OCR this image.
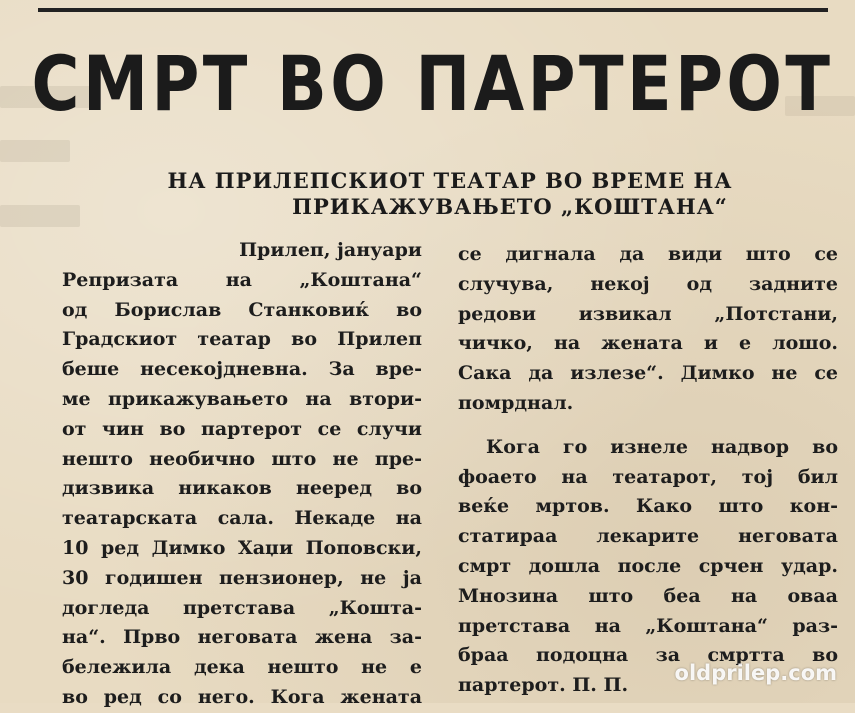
СМРТ ВО ПАРТЕРОТ
НА ПРИЛЕПСКИОТ ТЕАТАР ВО ВРЕМЕ НА
ПРИКАЖУВАЊЕТО „КОШТАНА“
Прилеп, јануари
Репризата на „Коштана“
од Борислав Станковиќ во
Градскиот театар во Прилеп
беше несекојдневна. За вре-
ме прикажувањето на втори-
от чин во партерот се случи
нешто необично што не пре-
дизвика никаков нееред во
театарската сала. Некаде на
10 ред Димко Хаџи Поповски,
30 годишен пензионер, не ја
догледа претстава „Кошта-
на“. Прво неговата жена за-
бележила дека нешто не е
во ред со него. Кога жената
се дигнала да види што се
случува, некој од задните
редови извикал „Потстани,
чичко, на жената и е лошо.
Сака да излезе“. Димко не се
помрднал.
Кога го изнеле надвор во
фоаето на театарот, тој бил
веќе мртов. Како што кон-
статираа лекарите неговата
смрт дошла после срчен удар.
Мнозина што беа на оваа
претстава на „Коштана“ раз-
браа подоцна за смртта во
партерот. П. П.
oldprilep.com
